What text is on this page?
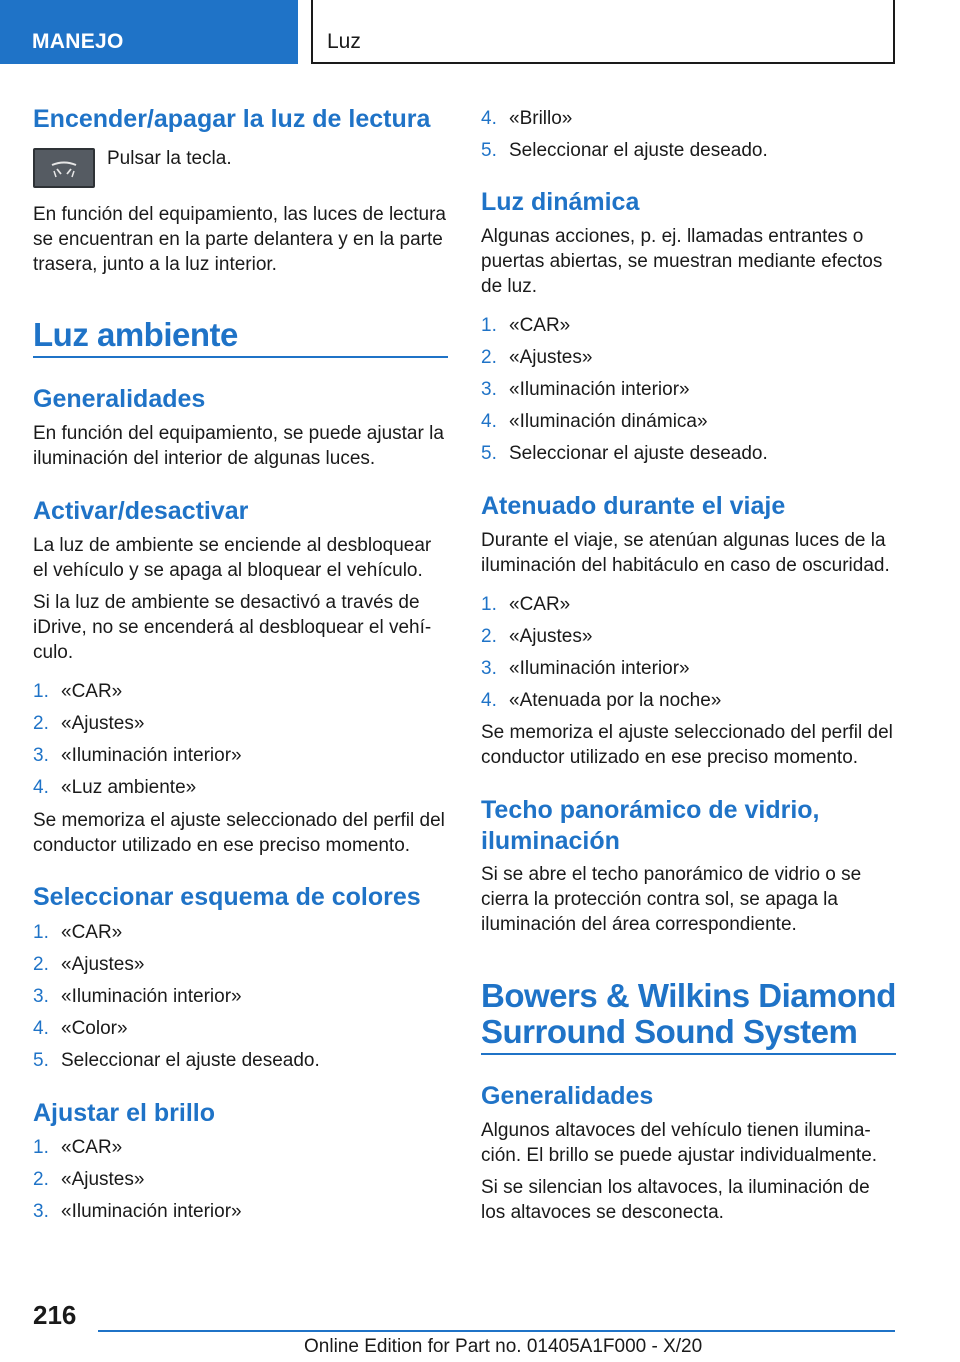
MANEJO	Luz
Encender/apagar la luz de lectura
Pulsar la tecla.
En función del equipamiento, las luces de lectura se encuentran en la parte delantera y en la parte trasera, junto a la luz interior.
Luz ambiente
Generalidades
En función del equipamiento, se puede ajustar la iluminación del interior de algunas luces.
Activar/desactivar
La luz de ambiente se enciende al desbloquear el vehículo y se apaga al bloquear el vehículo.
Si la luz de ambiente se desactivó a través de iDrive, no se encenderá al desbloquear el vehículo.
1. «CAR»
2. «Ajustes»
3. «Iluminación interior»
4. «Luz ambiente»
Se memoriza el ajuste seleccionado del perfil del conductor utilizado en ese preciso momento.
Seleccionar esquema de colores
1. «CAR»
2. «Ajustes»
3. «Iluminación interior»
4. «Color»
5. Seleccionar el ajuste deseado.
Ajustar el brillo
1. «CAR»
2. «Ajustes»
3. «Iluminación interior»
4. «Brillo»
5. Seleccionar el ajuste deseado.
Luz dinámica
Algunas acciones, p. ej. llamadas entrantes o puertas abiertas, se muestran mediante efectos de luz.
1. «CAR»
2. «Ajustes»
3. «Iluminación interior»
4. «Iluminación dinámica»
5. Seleccionar el ajuste deseado.
Atenuado durante el viaje
Durante el viaje, se atenúan algunas luces de la iluminación del habitáculo en caso de oscuridad.
1. «CAR»
2. «Ajustes»
3. «Iluminación interior»
4. «Atenuada por la noche»
Se memoriza el ajuste seleccionado del perfil del conductor utilizado en ese preciso momento.
Techo panorámico de vidrio,
iluminación
Si se abre el techo panorámico de vidrio o se cierra la protección contra sol, se apaga la iluminación del área correspondiente.
Bowers & Wilkins Diamond
Surround Sound System
Generalidades
Algunos altavoces del vehículo tienen iluminación. El brillo se puede ajustar individualmente.
Si se silencian los altavoces, la iluminación de los altavoces se desconecta.
216
Online Edition for Part no. 01405A1F000 - X/20
